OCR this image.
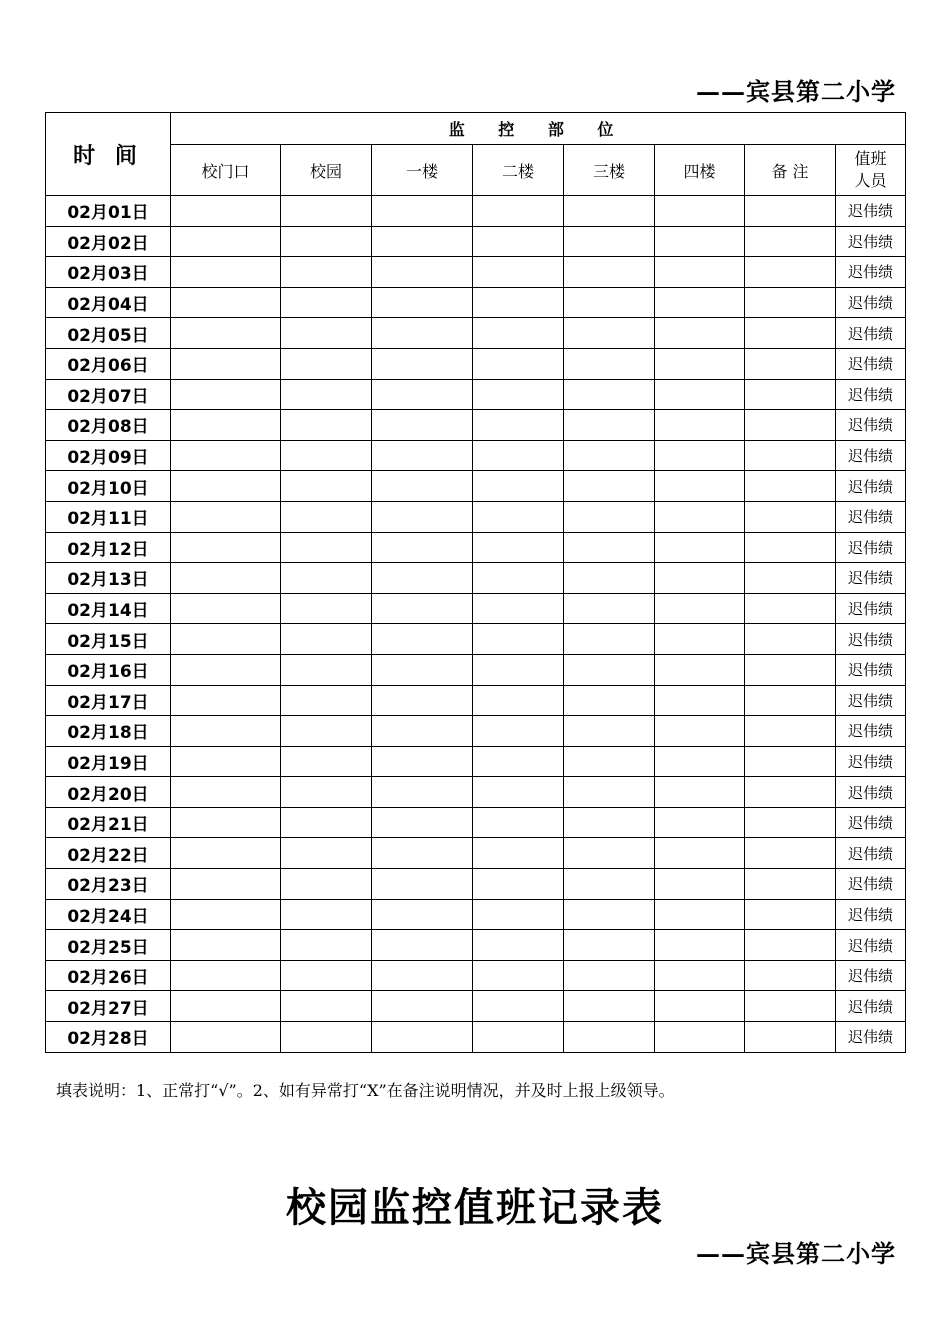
——宾县第二小学
时 间	监 控 部 位							
	校门口	校园	一楼	二楼	三楼	四楼	备 注	值班
人员
02月01日								迟伟绩
02月02日								迟伟绩
02月03日								迟伟绩
02月04日								迟伟绩
02月05日								迟伟绩
02月06日								迟伟绩
02月07日								迟伟绩
02月08日								迟伟绩
02月09日								迟伟绩
02月10日								迟伟绩
02月11日								迟伟绩
02月12日								迟伟绩
02月13日								迟伟绩
02月14日								迟伟绩
02月15日								迟伟绩
02月16日								迟伟绩
02月17日								迟伟绩
02月18日								迟伟绩
02月19日								迟伟绩
02月20日								迟伟绩
02月21日								迟伟绩
02月22日								迟伟绩
02月23日								迟伟绩
02月24日								迟伟绩
02月25日								迟伟绩
02月26日								迟伟绩
02月27日								迟伟绩
02月28日								迟伟绩
填表说明：1、正常打“√”。2、如有异常打“X”在备注说明情况，并及时上报上级领导。
校园监控值班记录表
——宾县第二小学
